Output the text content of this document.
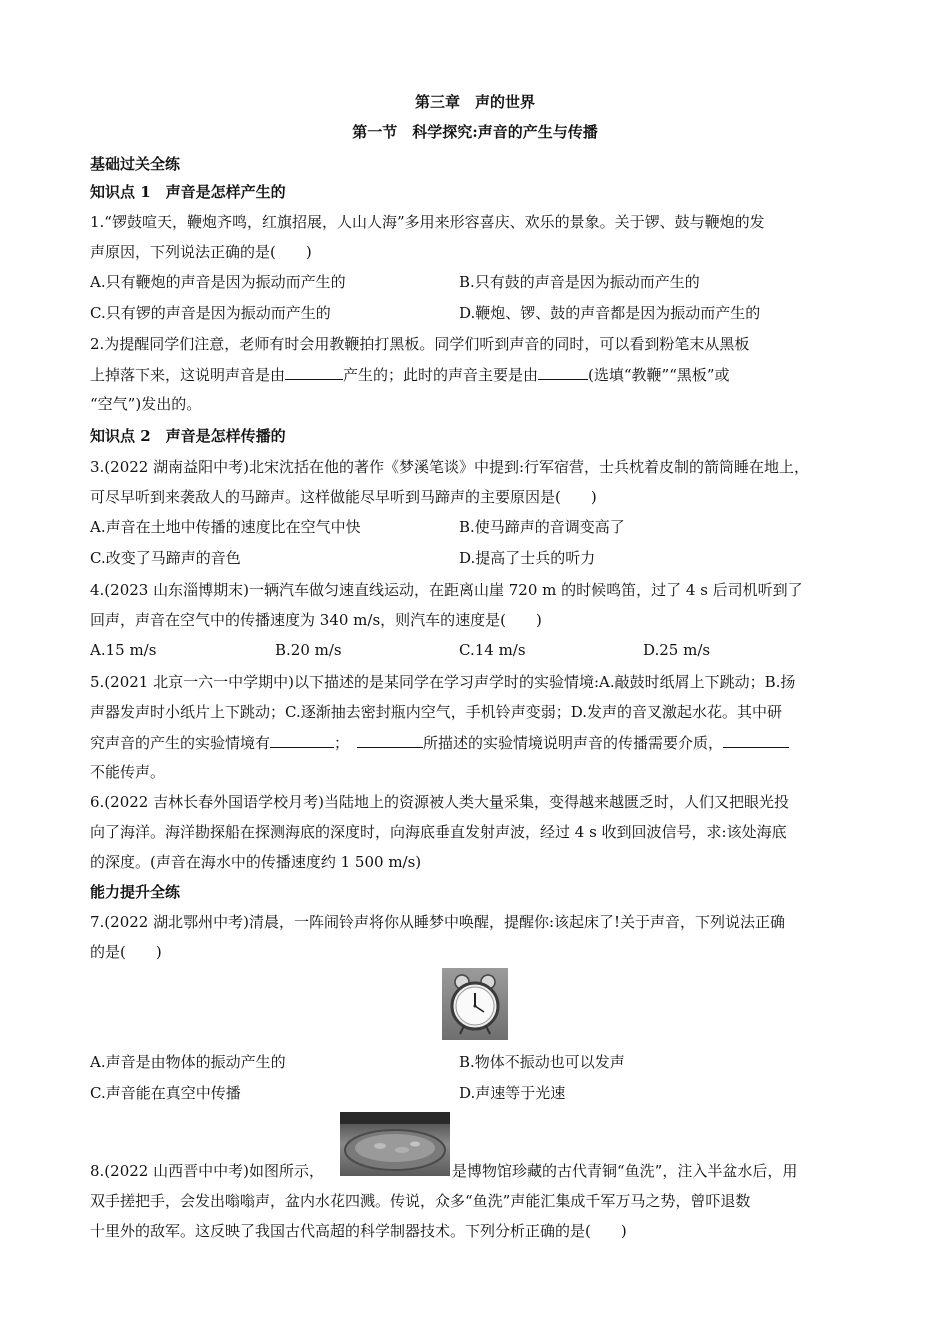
第三章　声的世界
第一节　科学探究:声音的产生与传播
基础过关全练
知识点 1　声音是怎样产生的
1.“锣鼓喧天，鞭炮齐鸣，红旗招展，人山人海”多用来形容喜庆、欢乐的景象。关于锣、鼓与鞭炮的发
声原因，下列说法正确的是(　　)
A.只有鞭炮的声音是因为振动而产生的	B.只有鼓的声音是因为振动而产生的
C.只有锣的声音是因为振动而产生的	D.鞭炮、锣、鼓的声音都是因为振动而产生的
2.为提醒同学们注意，老师有时会用教鞭拍打黑板。同学们听到声音的同时，可以看到粉笔末从黑板
上掉落下来，这说明声音是由	产生的；此时的声音主要是由	(选填“教鞭”“黑板”或
“空气”)发出的。
知识点 2　声音是怎样传播的
3.(2022 湖南益阳中考)北宋沈括在他的著作《梦溪笔谈》中提到:行军宿营，士兵枕着皮制的箭筒睡在地上，
可尽早听到来袭敌人的马蹄声。这样做能尽早听到马蹄声的主要原因是(　　)
A.声音在土地中传播的速度比在空气中快	B.使马蹄声的音调变高了
C.改变了马蹄声的音色	D.提高了士兵的听力
4.(2023 山东淄博期末)一辆汽车做匀速直线运动，在距离山崖 720 m 的时候鸣笛，过了 4 s 后司机听到了
回声，声音在空气中的传播速度为 340 m/s，则汽车的速度是(　　)
A.15 m/s	B.20 m/s	C.14 m/s	D.25 m/s
5.(2021 北京一六一中学期中)以下描述的是某同学在学习声学时的实验情境:A.敲鼓时纸屑上下跳动；B.扬
声器发声时小纸片上下跳动；C.逐渐抽去密封瓶内空气，手机铃声变弱；D.发声的音叉激起水花。其中研
究声音的产生的实验情境有	；	所描述的实验情境说明声音的传播需要介质，
不能传声。
6.(2022 吉林长春外国语学校月考)当陆地上的资源被人类大量采集，变得越来越匮乏时，人们又把眼光投
向了海洋。海洋勘探船在探测海底的深度时，向海底垂直发射声波，经过 4 s 收到回波信号，求:该处海底
的深度。(声音在海水中的传播速度约 1 500 m/s)
能力提升全练
7.(2022 湖北鄂州中考)清晨，一阵闹铃声将你从睡梦中唤醒，提醒你:该起床了!关于声音，下列说法正确
的是(　　)
A.声音是由物体的振动产生的	B.物体不振动也可以发声
C.声音能在真空中传播	D.声速等于光速
8.(2022 山西晋中中考)如图所示，	是博物馆珍藏的古代青铜“鱼洗”，注入半盆水后，用
双手搓把手，会发出嗡嗡声，盆内水花四溅。传说，众多“鱼洗”声能汇集成千军万马之势，曾吓退数
十里外的敌军。这反映了我国古代高超的科学制器技术。下列分析正确的是(　　)
